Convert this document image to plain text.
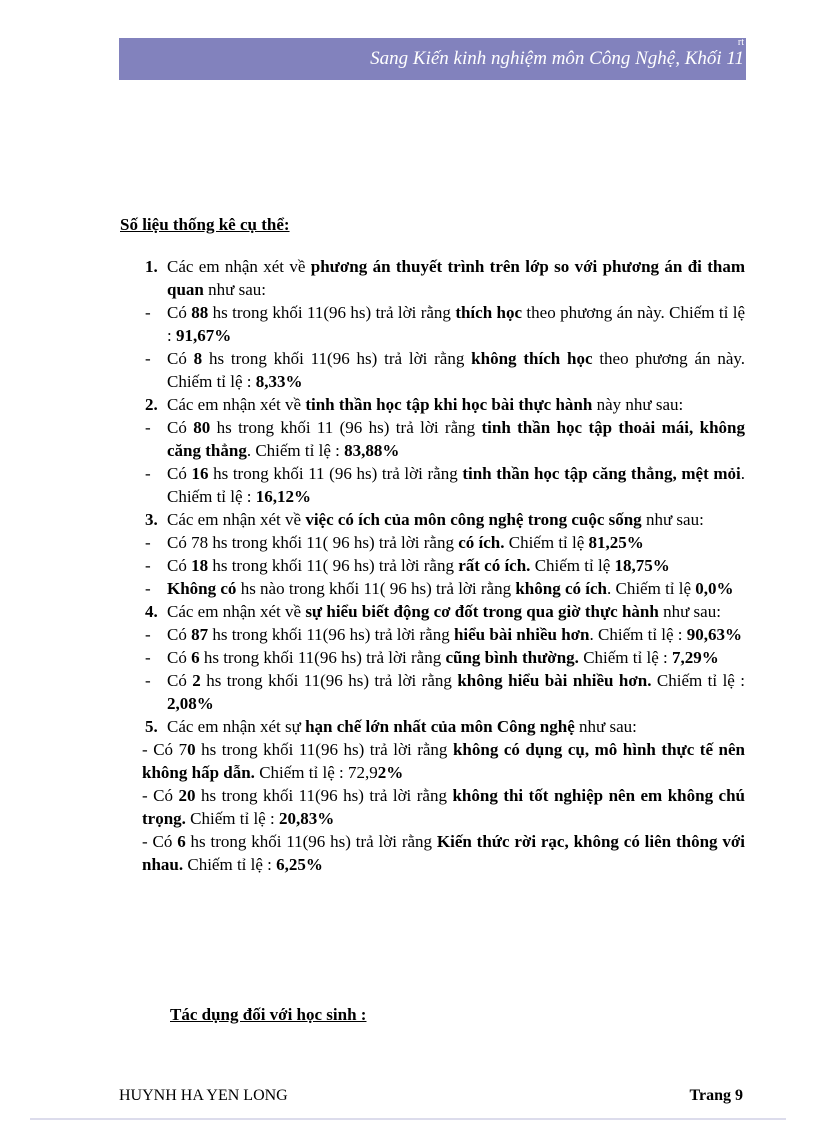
rt
Sang Kiến kinh nghiệm môn Công Nghệ, Khối 11
Số liệu thống kê cụ thể:
1. Các em nhận xét về phương án thuyết trình trên lớp so với phương án đi tham quan như sau:
- Có 88 hs trong khối 11(96 hs) trả lời rằng thích học theo phương án này. Chiếm tỉ lệ : 91,67%
- Có 8 hs trong khối 11(96 hs) trả lời rằng không thích học theo phương án này. Chiếm tỉ lệ : 8,33%
2. Các em nhận xét về tinh thần học tập khi học bài thực hành này như sau:
- Có 80 hs trong khối 11 (96 hs) trả lời rằng tinh thần học tập thoải mái, không căng thẳng. Chiếm tỉ lệ : 83,88%
- Có 16 hs trong khối 11 (96 hs) trả lời rằng tinh thần học tập căng thẳng, mệt mỏi. Chiếm tỉ lệ : 16,12%
3. Các em nhận xét về việc có ích của môn công nghệ trong cuộc sống như sau:
- Có 78 hs trong khối 11( 96 hs) trả lời rằng có ích. Chiếm tỉ lệ 81,25%
- Có 18 hs trong khối 11( 96 hs) trả lời rằng rất có ích. Chiếm tỉ lệ 18,75%
- Không có hs nào trong khối 11( 96 hs) trả lời rằng không có ích. Chiếm tỉ lệ 0,0%
4. Các em nhận xét về sự hiểu biết động cơ đốt trong qua giờ thực hành như sau:
- Có 87 hs trong khối 11(96 hs) trả lời rằng hiểu bài nhiều hơn. Chiếm tỉ lệ : 90,63%
- Có 6 hs trong khối 11(96 hs) trả lời rằng cũng bình thường. Chiếm tỉ lệ : 7,29%
- Có 2 hs trong khối 11(96 hs) trả lời rằng không hiểu bài nhiều hơn. Chiếm tỉ lệ : 2,08%
5. Các em nhận xét sự hạn chế lớn nhất của môn Công nghệ như sau:
- Có 70 hs trong khối 11(96 hs) trả lời rằng không có dụng cụ, mô hình thực tế nên không hấp dẫn. Chiếm tỉ lệ : 72,92%
- Có 20 hs trong khối 11(96 hs) trả lời rằng không thi tốt nghiệp nên em không chú trọng. Chiếm tỉ lệ : 20,83%
- Có 6 hs trong khối 11(96 hs) trả lời rằng Kiến thức rời rạc, không có liên thông với nhau. Chiếm tỉ lệ : 6,25%
Tác dụng đối với học sinh :
HUYNH HA YEN LONG	Trang 9
